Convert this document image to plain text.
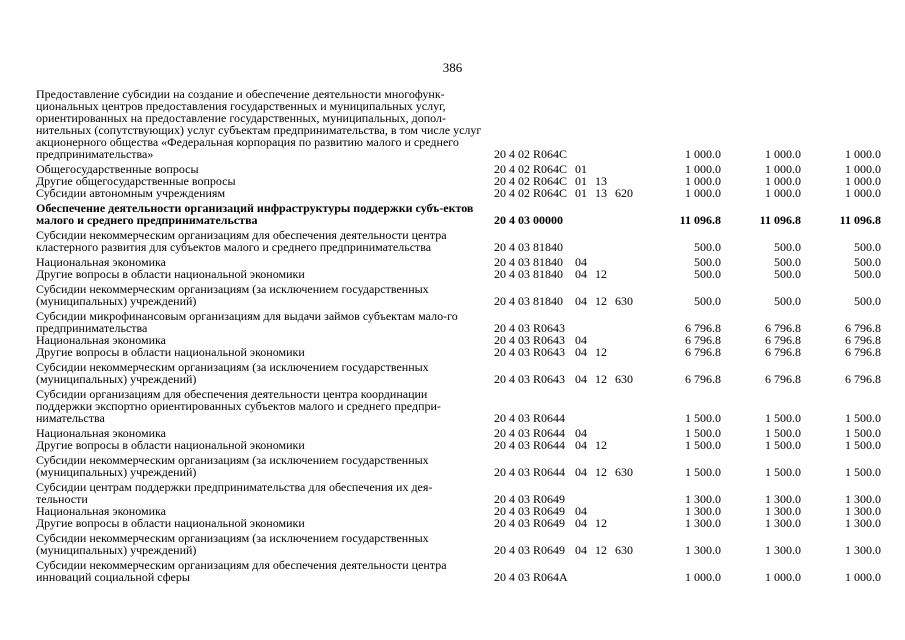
386
Предоставление субсидии на создание и обеспечение деятельности многофунк-циональных центров предоставления государственных и муниципальных услуг, ориентированных на предоставление государственных, муниципальных, допол-нительных (сопутствующих) услуг субъектам предпринимательства, в том числе услуг акционерного общества «Федеральная корпорация по развитию малого и среднего предпринимательства»	20 4 02 R064C				1 000.0	1 000.0	1 000.0
Общегосударственные вопросы	20 4 02 R064C	01			1 000.0	1 000.0	1 000.0
Другие общегосударственные вопросы	20 4 02 R064C	01	13		1 000.0	1 000.0	1 000.0
Субсидии автономным учреждениям	20 4 02 R064C	01	13	620	1 000.0	1 000.0	1 000.0
Обеспечение деятельности организаций инфраструктуры поддержки субъ-ектов малого и среднего предпринимательства	20 4 03 00000				11 096.8	11 096.8	11 096.8
Субсидии некоммерческим организациям для обеспечения деятельности центра кластерного развития для субъектов малого и среднего предпринимательства	20 4 03 81840				500.0	500.0	500.0
Национальная экономика	20 4 03 81840	04			500.0	500.0	500.0
Другие вопросы в области национальной экономики	20 4 03 81840	04	12		500.0	500.0	500.0
Субсидии некоммерческим организациям (за исключением государственных (муниципальных) учреждений)	20 4 03 81840	04	12	630	500.0	500.0	500.0
Субсидии микрофинансовым организациям для выдачи займов субъектам мало-го предпринимательства	20 4 03 R0643				6 796.8	6 796.8	6 796.8
Национальная экономика	20 4 03 R0643	04			6 796.8	6 796.8	6 796.8
Другие вопросы в области национальной экономики	20 4 03 R0643	04	12		6 796.8	6 796.8	6 796.8
Субсидии некоммерческим организациям (за исключением государственных (муниципальных) учреждений)	20 4 03 R0643	04	12	630	6 796.8	6 796.8	6 796.8
Субсидии организациям для обеспечения деятельности центра координации поддержки экспортно ориентированных субъектов малого и среднего предпри-нимательства	20 4 03 R0644				1 500.0	1 500.0	1 500.0
Национальная экономика	20 4 03 R0644	04			1 500.0	1 500.0	1 500.0
Другие вопросы в области национальной экономики	20 4 03 R0644	04	12		1 500.0	1 500.0	1 500.0
Субсидии некоммерческим организациям (за исключением государственных (муниципальных) учреждений)	20 4 03 R0644	04	12	630	1 500.0	1 500.0	1 500.0
Субсидии центрам поддержки предпринимательства для обеспечения их дея-тельности	20 4 03 R0649				1 300.0	1 300.0	1 300.0
Национальная экономика	20 4 03 R0649	04			1 300.0	1 300.0	1 300.0
Другие вопросы в области национальной экономики	20 4 03 R0649	04	12		1 300.0	1 300.0	1 300.0
Субсидии некоммерческим организациям (за исключением государственных (муниципальных) учреждений)	20 4 03 R0649	04	12	630	1 300.0	1 300.0	1 300.0
Субсидии некоммерческим организациям для обеспечения деятельности центра инноваций социальной сферы	20 4 03 R064A				1 000.0	1 000.0	1 000.0
